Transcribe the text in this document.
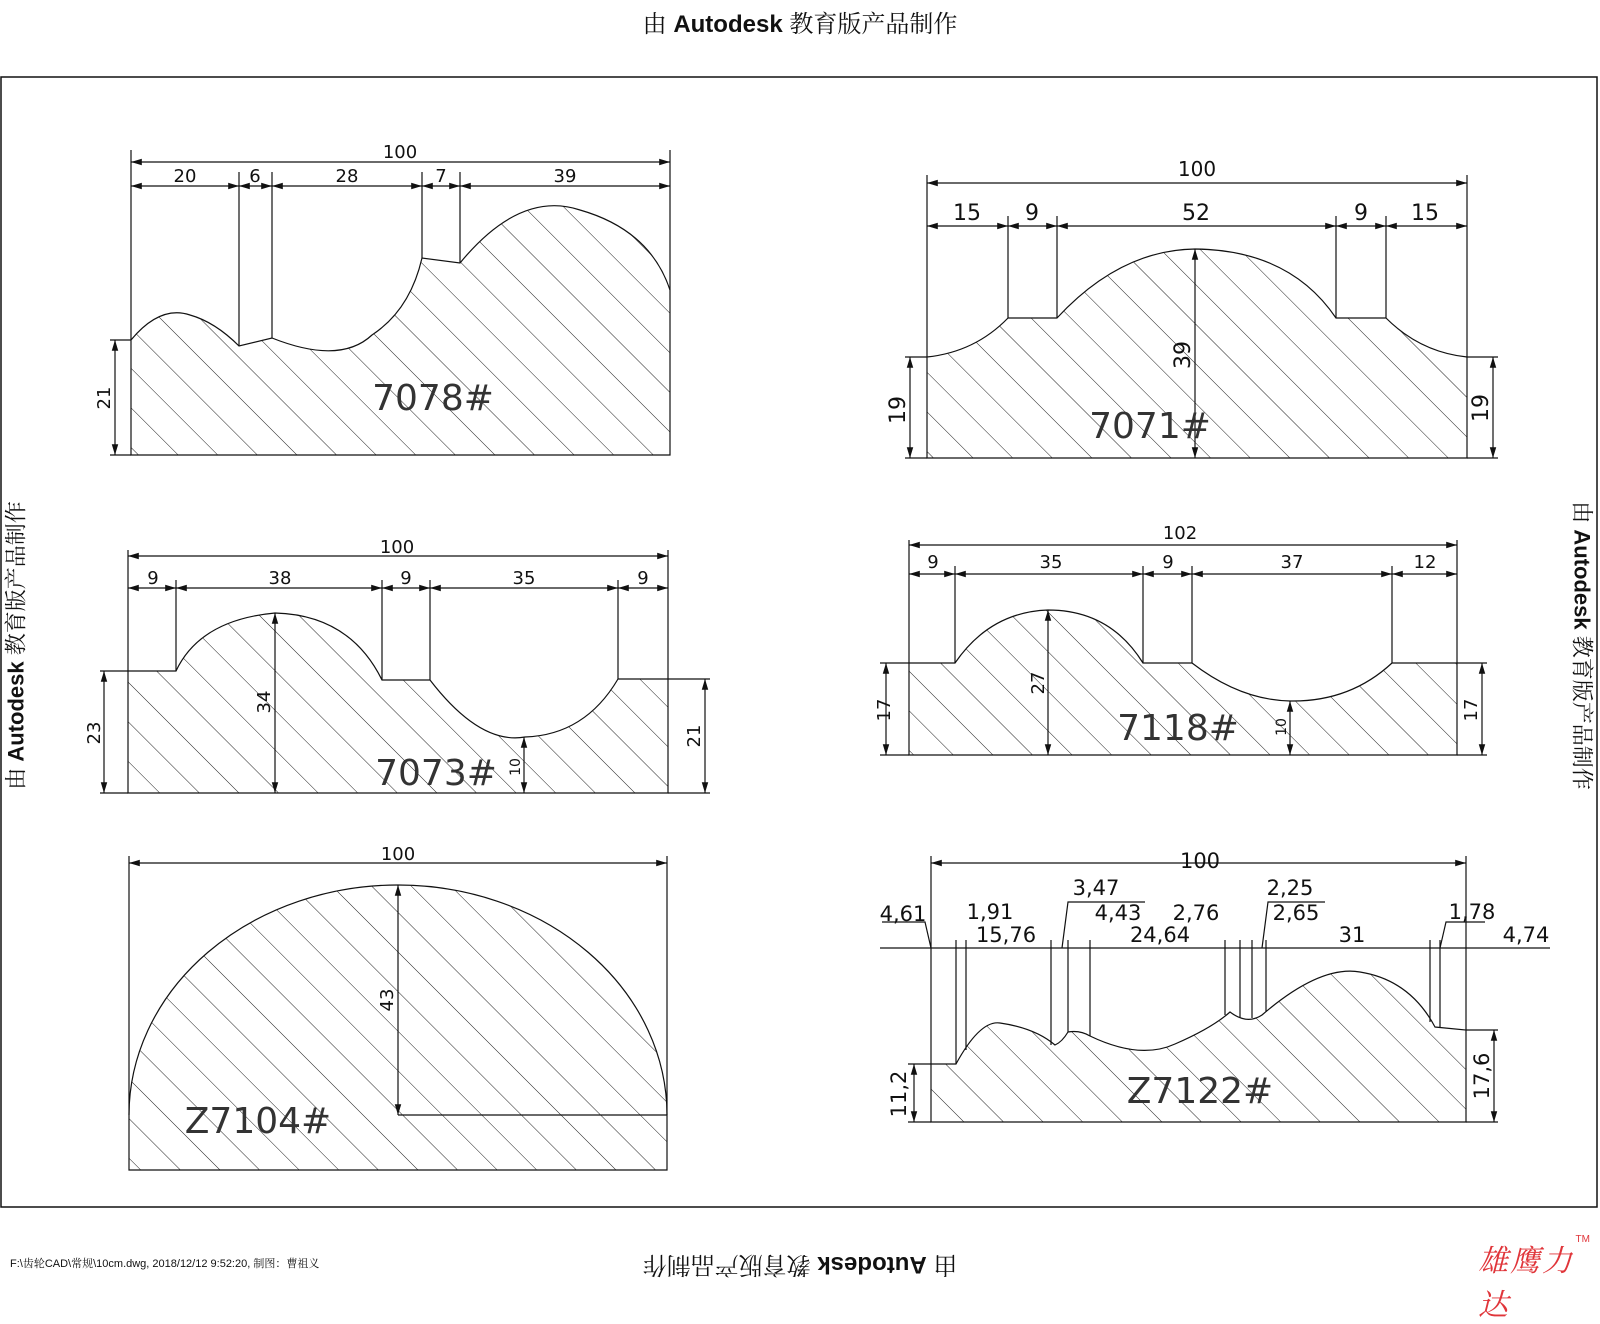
由 Autodesk 教育版产品制作
由 Autodesk 教育版产品制作	由 Autodesk 教育版产品制作
由 Autodesk 教育版产品制作
100
20	6	28	7	39
21	7078#
100
15 9	52	9 15
39
19	19
7071#
100
9	38	9	35	9
23
34
10
21
7073#
102
9	35	9	37	12
17
27
10
17
7118#
100
43
Z7104#
100
4,61 1,91
15,76
3,47
4,43
24,64
2,76
2,25
2,65
31
1,78
4,74
11,2	17,6
Z7122#
F:\齿轮CAD\常规\10cm.dwg, 2018/12/12 9:52:20, 制图：曹祖义	雄鹰力达
TM
